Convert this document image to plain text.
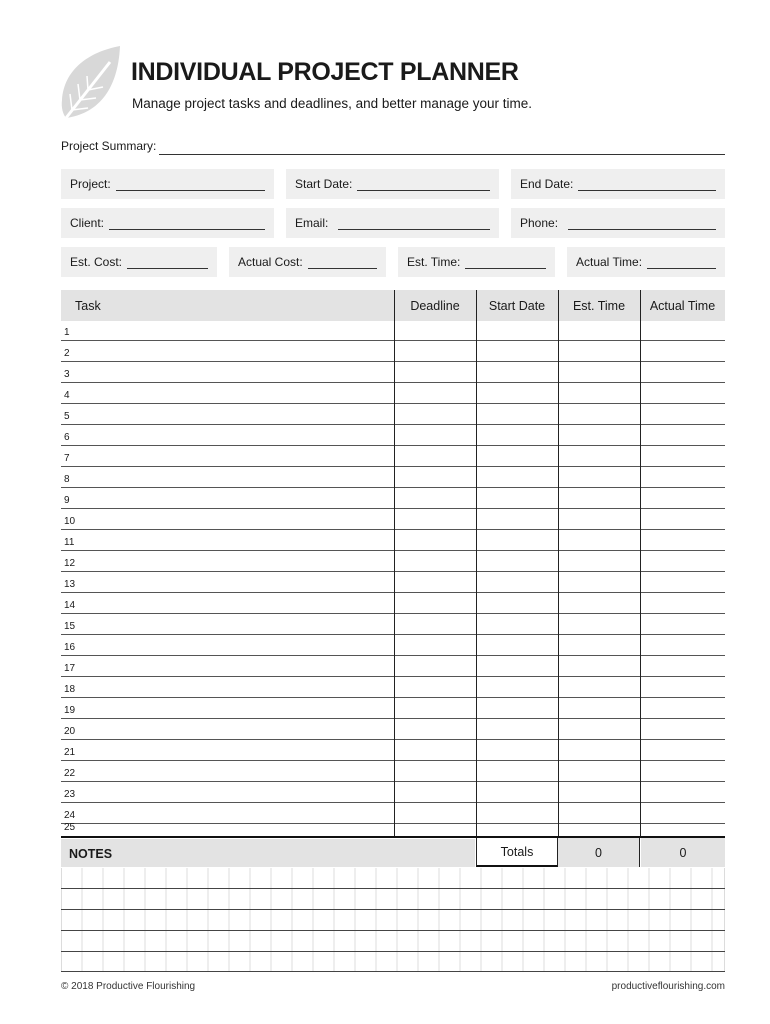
INDIVIDUAL PROJECT PLANNER

Manage project tasks and deadlines, and better manage your time.

Project Summary:
Project:	Start Date:	End Date:
Client:	Email:	Phone:
Est. Cost:	Actual Cost:	Est. Time:	Actual Time:
Task	Deadline	Start Date	Est. Time	Actual Time
1
2
3
4
5
6
7
8
9
10
11
12
13
14
15
16
17
18
19
20
21
22
23
24
25
NOTES	Totals	0	0
© 2018 Productive Flourishing	productiveflourishing.com
